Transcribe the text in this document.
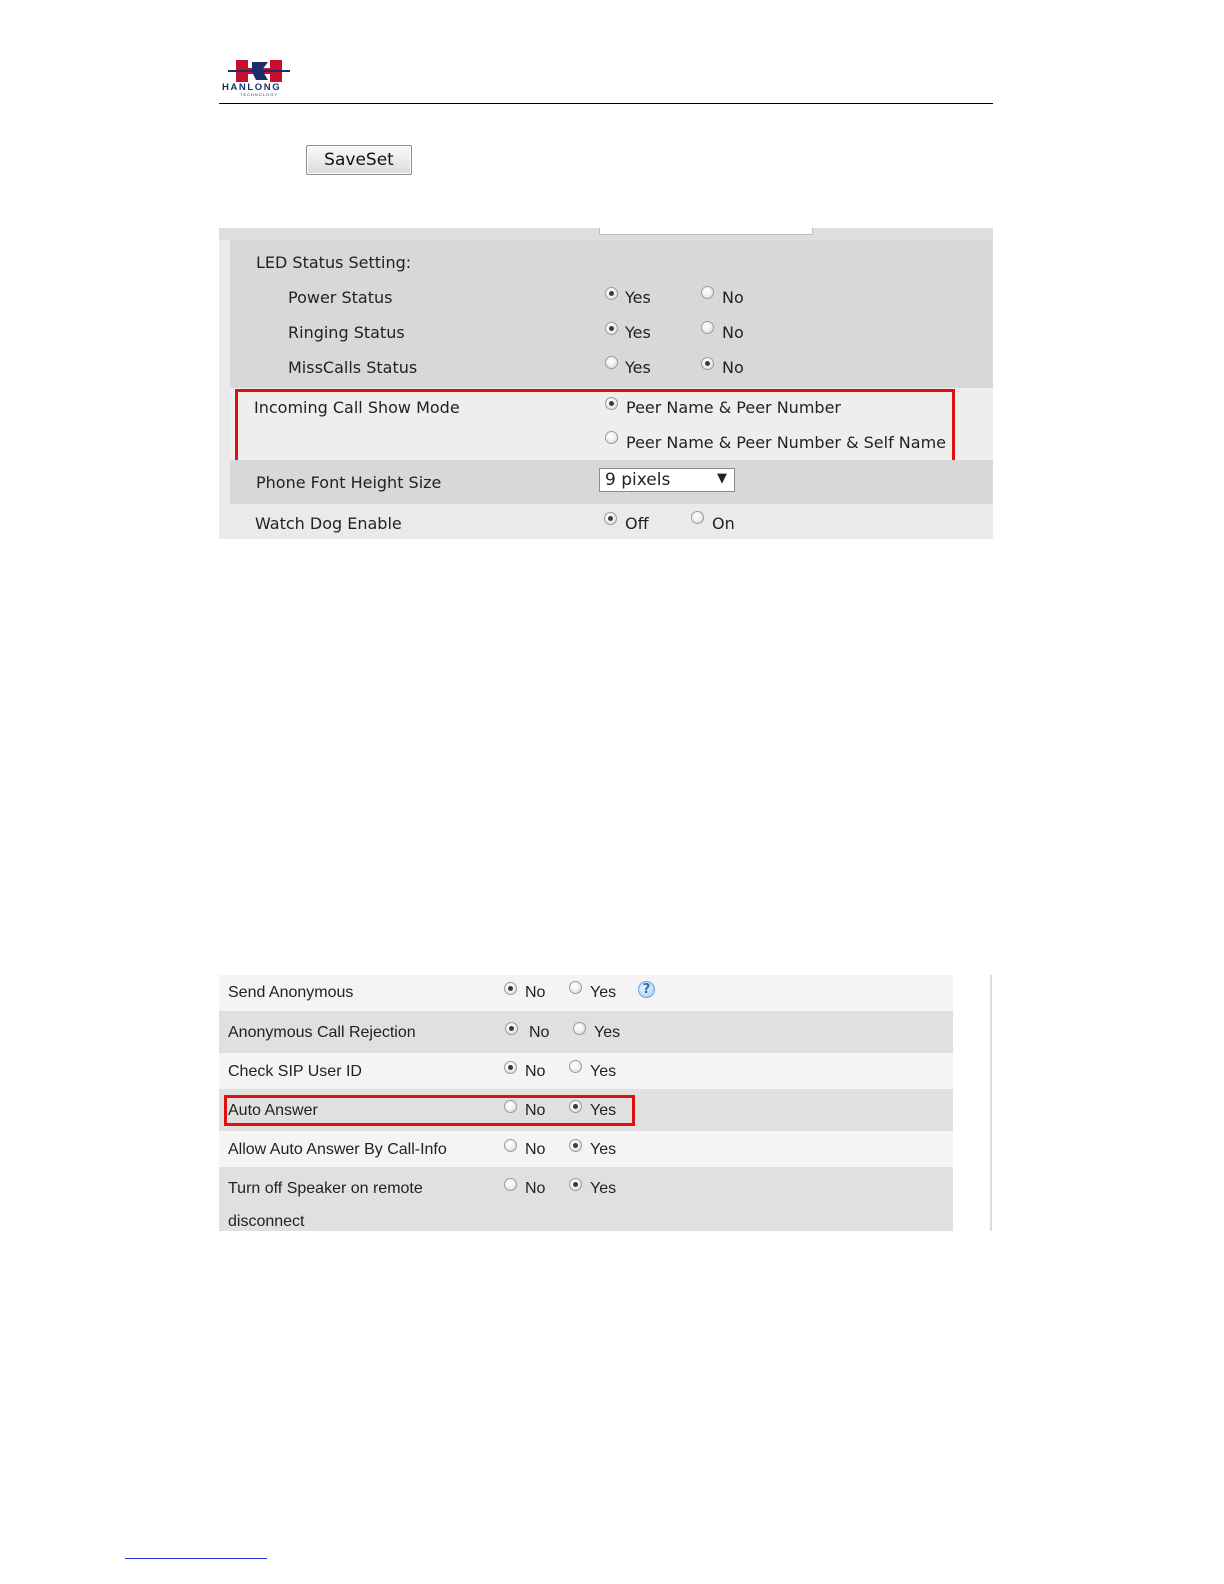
HANLONG
TECHNOLOGY
SaveSet
LED Status Setting:
Power Status	Yes	No
Ringing Status	Yes	No
MissCalls Status	Yes	No
Incoming Call Show Mode	Peer Name & Peer Number
Peer Name & Peer Number & Self Name
Phone Font Height Size	9 pixels	▼
Watch Dog Enable	Off	On
Send Anonymous	No	Yes	?
Anonymous Call Rejection	No	Yes
Check SIP User ID	No	Yes
Auto Answer	No	Yes
Allow Auto Answer By Call-Info	No	Yes
Turn off Speaker on remote
disconnect
No	Yes
